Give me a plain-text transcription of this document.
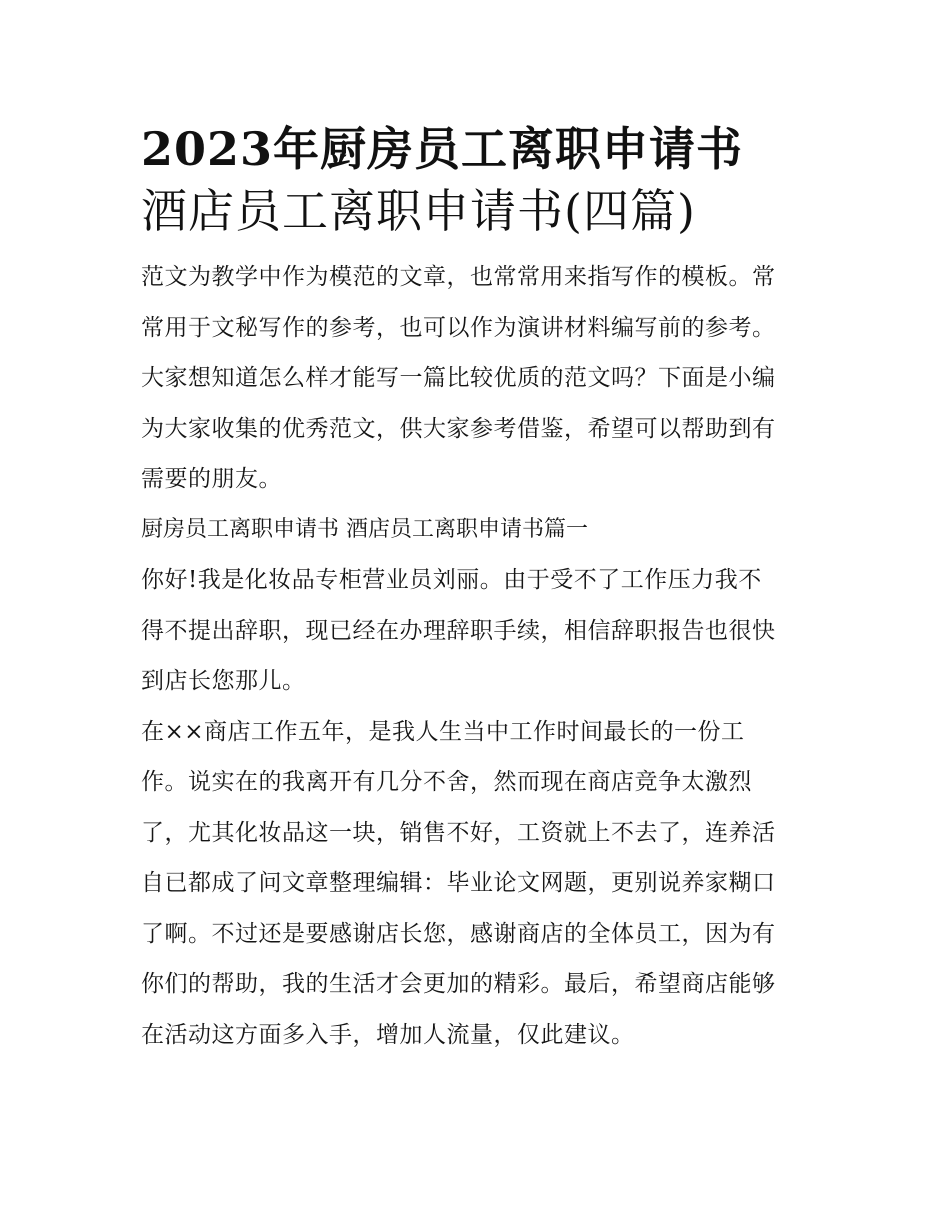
2023年厨房员工离职申请书
酒店员工离职申请书(四篇)
范文为教学中作为模范的文章，也常常用来指写作的模板。常
常用于文秘写作的参考，也可以作为演讲材料编写前的参考。
大家想知道怎么样才能写一篇比较优质的范文吗？下面是小编
为大家收集的优秀范文，供大家参考借鉴，希望可以帮助到有
需要的朋友。
厨房员工离职申请书 酒店员工离职申请书篇一
你好!我是化妆品专柜营业员刘丽。由于受不了工作压力我不
得不提出辞职，现已经在办理辞职手续，相信辞职报告也很快
到店长您那儿。
在××商店工作五年，是我人生当中工作时间最长的一份工
作。说实在的我离开有几分不舍，然而现在商店竞争太激烈
了，尤其化妆品这一块，销售不好，工资就上不去了，连养活
自已都成了问文章整理编辑：毕业论文网题，更别说养家糊口
了啊。不过还是要感谢店长您，感谢商店的全体员工，因为有
你们的帮助，我的生活才会更加的精彩。最后，希望商店能够
在活动这方面多入手，增加人流量，仅此建议。
